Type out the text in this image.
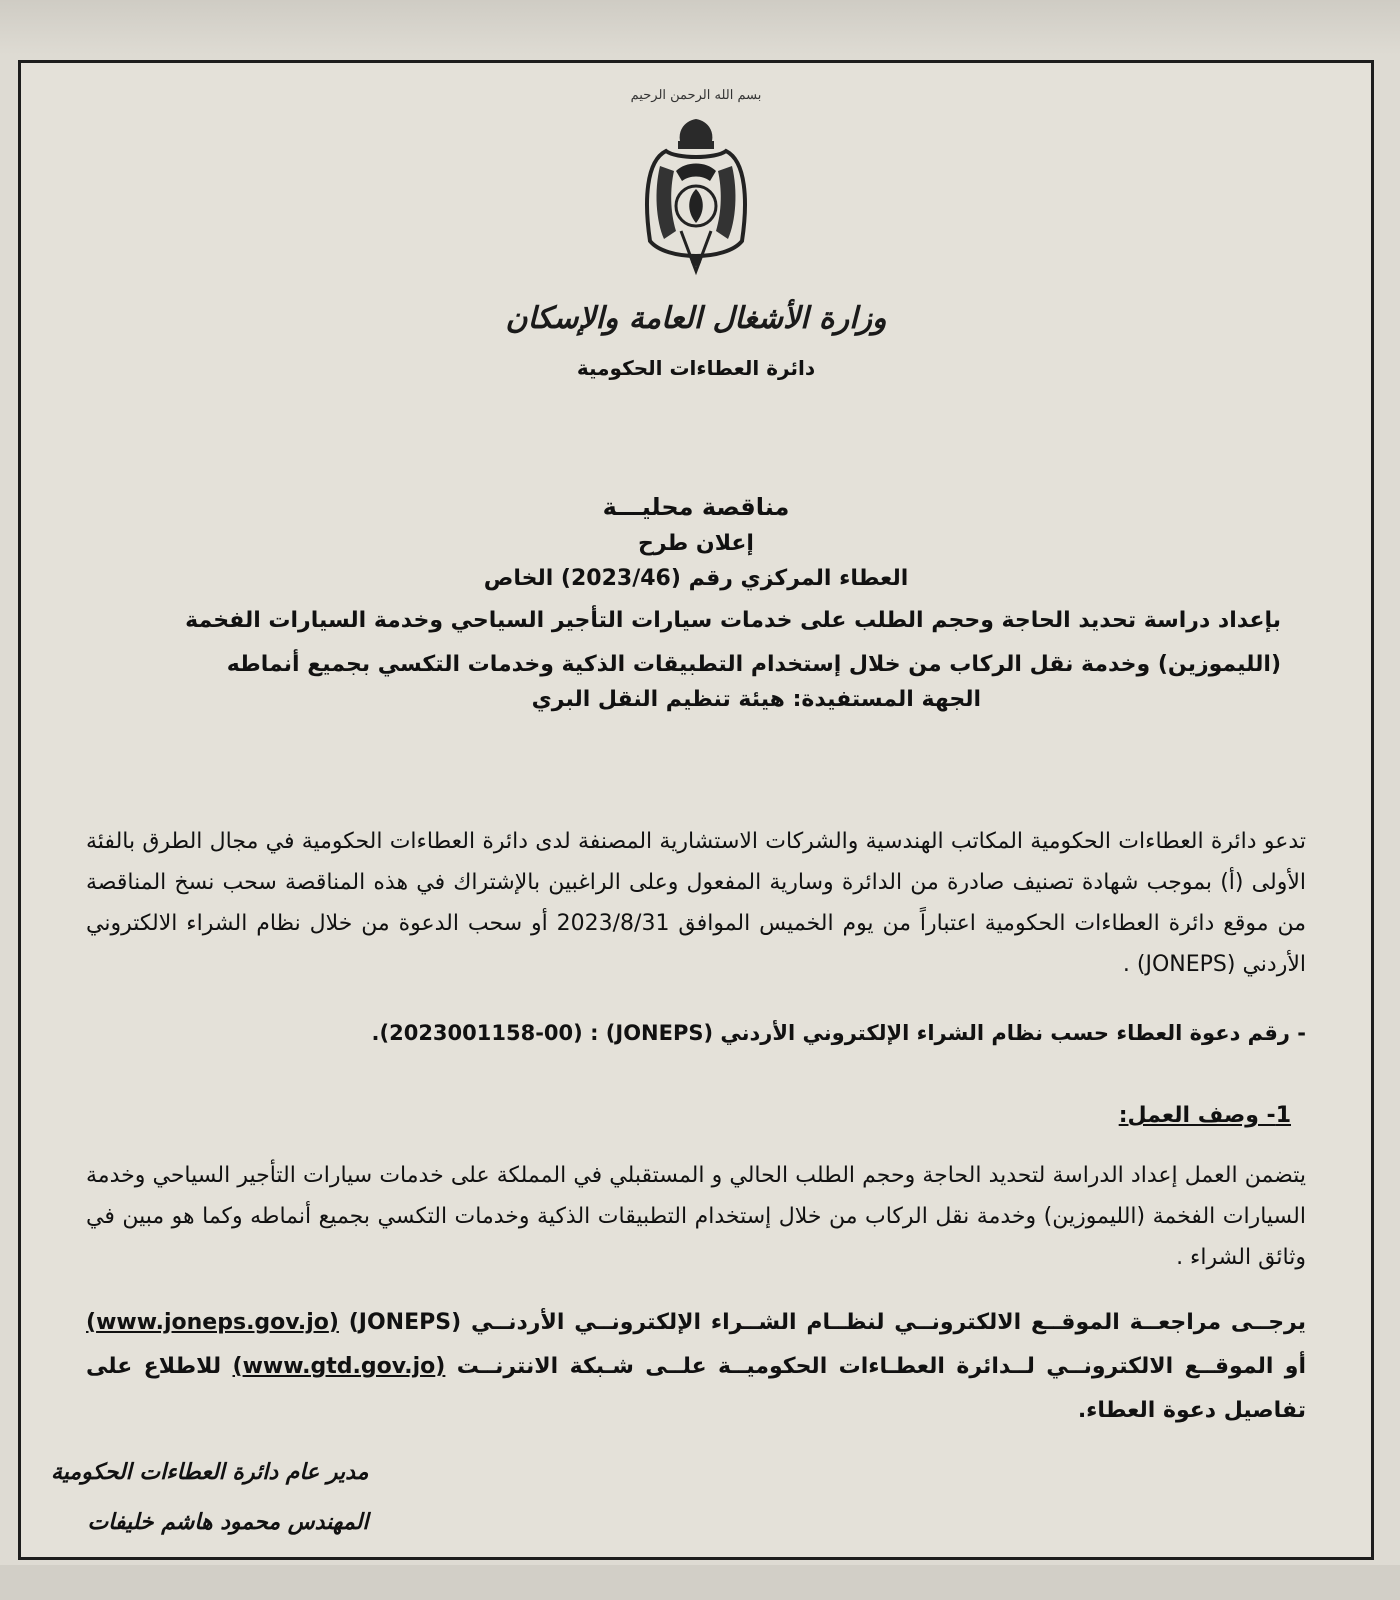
بسم الله الرحمن الرحيم
وزارة الأشغال العامة والإسكان
دائرة العطاءات الحكومية
مناقصة محليـــة
إعلان طرح
العطاء المركزي رقم (2023/46) الخاص
بإعداد دراسة تحديد الحاجة وحجم الطلب على خدمات سيارات التأجير السياحي وخدمة السيارات الفخمة (الليموزين) وخدمة نقل الركاب من خلال إستخدام التطبيقات الذكية وخدمات التكسي بجميع أنماطه
الجهة المستفيدة: هيئة تنظيم النقل البري
تدعو دائرة العطاءات الحكومية المكاتب الهندسية والشركات الاستشارية المصنفة لدى دائرة العطاءات الحكومية في مجال الطرق بالفئة الأولى (أ) بموجب شهادة تصنيف صادرة من الدائرة وسارية المفعول وعلى الراغبين بالإشتراك في هذه المناقصة سحب نسخ المناقصة من موقع دائرة العطاءات الحكومية اعتباراً من يوم الخميس الموافق 2023/8/31 أو سحب الدعوة من خلال نظام الشراء الالكتروني الأردني (JONEPS) .
- رقم دعوة العطاء حسب نظام الشراء الإلكتروني الأردني (JONEPS) : (2023001158-00).
1- وصف العمل:
يتضمن العمل إعداد الدراسة لتحديد الحاجة وحجم الطلب الحالي و المستقبلي في المملكة على خدمات سيارات التأجير السياحي وخدمة السيارات الفخمة (الليموزين) وخدمة نقل الركاب من خلال إستخدام التطبيقات الذكية وخدمات التكسي بجميع أنماطه وكما هو مبين في وثائق الشراء .
يرجــى مراجعــة الموقــع الالكترونــي لنظــام الشــراء الإلكترونــي الأردنــي (JONEPS) (www.joneps.gov.jo) أو الموقــع الالكترونــي لــدائرة العطـاءات الحكوميــة علــى شـبكة الانترنــت (www.gtd.gov.jo) للاطلاع على تفاصيل دعوة العطاء.
مدير عام دائرة العطاءات الحكومية
المهندس محمود هاشم خليفات
